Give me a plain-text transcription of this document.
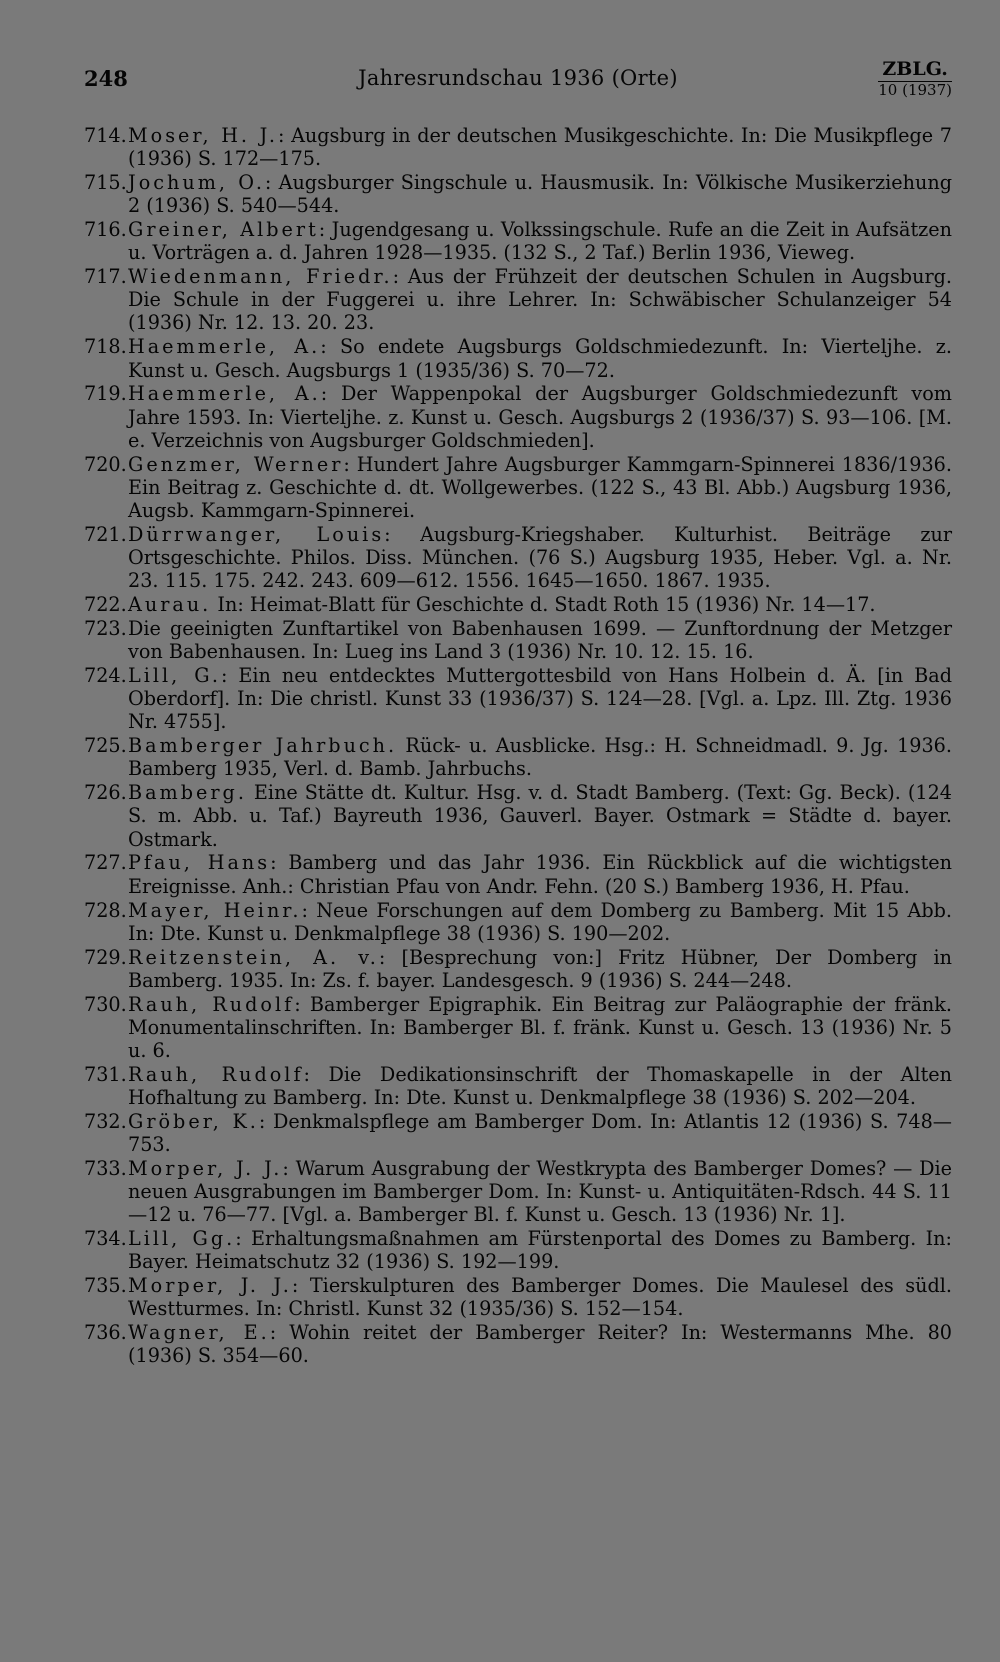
248	Jahresrundschau 1936 (Orte)	ZBLG.
10 (1937)
714. Moser, H. J.: Augsburg in der deutschen Musikgeschichte. In: Die Musikpflege 7 (1936) S. 172—175.
715. Jochum, O.: Augsburger Singschule u. Hausmusik. In: Völkische Musikerziehung 2 (1936) S. 540—544.
716. Greiner, Albert: Jugendgesang u. Volkssingschule. Rufe an die Zeit in Aufsätzen u. Vorträgen a. d. Jahren 1928—1935. (132 S., 2 Taf.) Berlin 1936, Vieweg.
717. Wiedenmann, Friedr.: Aus der Frühzeit der deutschen Schulen in Augsburg. Die Schule in der Fuggerei u. ihre Lehrer. In: Schwäbischer Schulanzeiger 54 (1936) Nr. 12. 13. 20. 23.
718. Haemmerle, A.: So endete Augsburgs Goldschmiedezunft. In: Vierteljhe. z. Kunst u. Gesch. Augsburgs 1 (1935/36) S. 70—72.
719. Haemmerle, A.: Der Wappenpokal der Augsburger Goldschmiedezunft vom Jahre 1593. In: Vierteljhe. z. Kunst u. Gesch. Augsburgs 2 (1936/37) S. 93—106. [M. e. Verzeichnis von Augsburger Goldschmieden].
720. Genzmer, Werner: Hundert Jahre Augsburger Kammgarn-Spinnerei 1836/1936. Ein Beitrag z. Geschichte d. dt. Wollgewerbes. (122 S., 43 Bl. Abb.) Augsburg 1936, Augsb. Kammgarn-Spinnerei.
721. Dürrwanger, Louis: Augsburg-Kriegshaber. Kulturhist. Beiträge zur Ortsgeschichte. Philos. Diss. München. (76 S.) Augsburg 1935, Heber. Vgl. a. Nr. 23. 115. 175. 242. 243. 609—612. 1556. 1645—1650. 1867. 1935.
722. Aurau. In: Heimat-Blatt für Geschichte d. Stadt Roth 15 (1936) Nr. 14—17.
723. Die geeinigten Zunftartikel von Babenhausen 1699. — Zunftordnung der Metzger von Babenhausen. In: Lueg ins Land 3 (1936) Nr. 10. 12. 15. 16.
724. Lill, G.: Ein neu entdecktes Muttergottesbild von Hans Holbein d. Ä. [in Bad Oberdorf]. In: Die christl. Kunst 33 (1936/37) S. 124—28. [Vgl. a. Lpz. Ill. Ztg. 1936 Nr. 4755].
725. Bamberger Jahrbuch. Rück- u. Ausblicke. Hsg.: H. Schneidmadl. 9. Jg. 1936. Bamberg 1935, Verl. d. Bamb. Jahrbuchs.
726. Bamberg. Eine Stätte dt. Kultur. Hsg. v. d. Stadt Bamberg. (Text: Gg. Beck). (124 S. m. Abb. u. Taf.) Bayreuth 1936, Gauverl. Bayer. Ostmark = Städte d. bayer. Ostmark.
727. Pfau, Hans: Bamberg und das Jahr 1936. Ein Rückblick auf die wichtigsten Ereignisse. Anh.: Christian Pfau von Andr. Fehn. (20 S.) Bamberg 1936, H. Pfau.
728. Mayer, Heinr.: Neue Forschungen auf dem Domberg zu Bamberg. Mit 15 Abb. In: Dte. Kunst u. Denkmalpflege 38 (1936) S. 190—202.
729. Reitzenstein, A. v.: [Besprechung von:] Fritz Hübner, Der Domberg in Bamberg. 1935. In: Zs. f. bayer. Landesgesch. 9 (1936) S. 244—248.
730. Rauh, Rudolf: Bamberger Epigraphik. Ein Beitrag zur Paläographie der fränk. Monumentalinschriften. In: Bamberger Bl. f. fränk. Kunst u. Gesch. 13 (1936) Nr. 5 u. 6.
731. Rauh, Rudolf: Die Dedikationsinschrift der Thomaskapelle in der Alten Hofhaltung zu Bamberg. In: Dte. Kunst u. Denkmalpflege 38 (1936) S. 202—204.
732. Gröber, K.: Denkmalspflege am Bamberger Dom. In: Atlantis 12 (1936) S. 748—753.
733. Morper, J. J.: Warum Ausgrabung der Westkrypta des Bamberger Domes? — Die neuen Ausgrabungen im Bamberger Dom. In: Kunst- u. Antiquitäten-Rdsch. 44 S. 11—12 u. 76—77. [Vgl. a. Bamberger Bl. f. Kunst u. Gesch. 13 (1936) Nr. 1].
734. Lill, Gg.: Erhaltungsmaßnahmen am Fürstenportal des Domes zu Bamberg. In: Bayer. Heimatschutz 32 (1936) S. 192—199.
735. Morper, J. J.: Tierskulpturen des Bamberger Domes. Die Maulesel des südl. Westturmes. In: Christl. Kunst 32 (1935/36) S. 152—154.
736. Wagner, E.: Wohin reitet der Bamberger Reiter? In: Westermanns Mhe. 80 (1936) S. 354—60.
